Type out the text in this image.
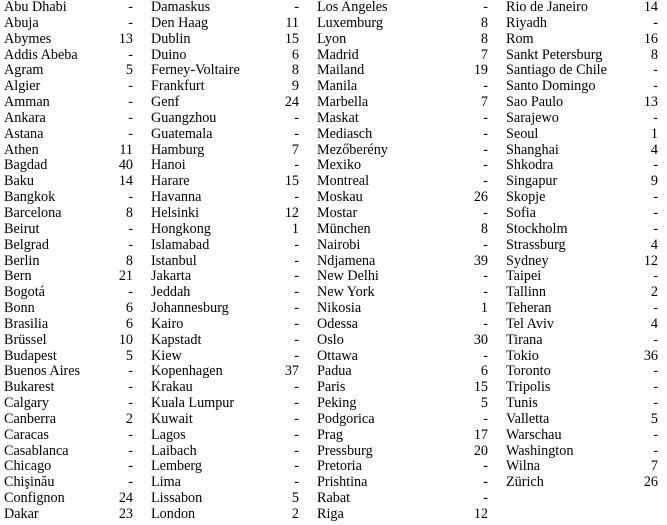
Abu Dhabi	-
Abuja	-
Abymes	13
Addis Abeba	-
Agram	5
Algier	-
Amman	-
Ankara	-
Astana	-
Athen	11
Bagdad	40
Baku	14
Bangkok	-
Barcelona	8
Beirut	-
Belgrad	-
Berlin	8
Bern	21
Bogotá	-
Bonn	6
Brasilia	6
Brüssel	10
Budapest	5
Buenos Aires	-
Bukarest	-
Calgary	-
Canberra	2
Caracas	-
Casablanca	-
Chicago	-
Chişinău	-
Confignon	24
Dakar	23
Damaskus	-
Den Haag	11
Dublin	15
Duino	6
Ferney-Voltaire	8
Frankfurt	9
Genf	24
Guangzhou	-
Guatemala	-
Hamburg	7
Hanoi	-
Harare	15
Havanna	-
Helsinki	12
Hongkong	1
Islamabad	-
Istanbul	-
Jakarta	-
Jeddah	-
Johannesburg	-
Kairo	-
Kapstadt	-
Kiew	-
Kopenhagen	37
Krakau	-
Kuala Lumpur	-
Kuwait	-
Lagos	-
Laibach	-
Lemberg	-
Lima	-
Lissabon	5
London	2
Los Angeles	-
Luxemburg	8
Lyon	8
Madrid	7
Mailand	19
Manila	-
Marbella	7
Maskat	-
Mediasch	-
Mezőberény	-
Mexiko	-
Montreal	-
Moskau	26
Mostar	-
München	8
Nairobi	-
Ndjamena	39
New Delhi	-
New York	-
Nikosia	1
Odessa	-
Oslo	30
Ottawa	-
Padua	6
Paris	15
Peking	5
Podgorica	-
Prag	17
Pressburg	20
Pretoria	-
Prishtina	-
Rabat	-
Riga	12
Rio de Janeiro	14
Riyadh	-
Rom	16
Sankt Petersburg	8
Santiago de Chile	-
Santo Domingo	-
Sao Paulo	13
Sarajewo	-
Seoul	1
Shanghai	4
Shkodra	-
Singapur	9
Skopje	-
Sofia	-
Stockholm	-
Strassburg	4
Sydney	12
Taipei	-
Tallinn	2
Teheran	-
Tel Aviv	4
Tirana	-
Tokio	36
Toronto	-
Tripolis	-
Tunis	-
Valletta	5
Warschau	-
Washington	-
Wilna	7
Zürich	26
